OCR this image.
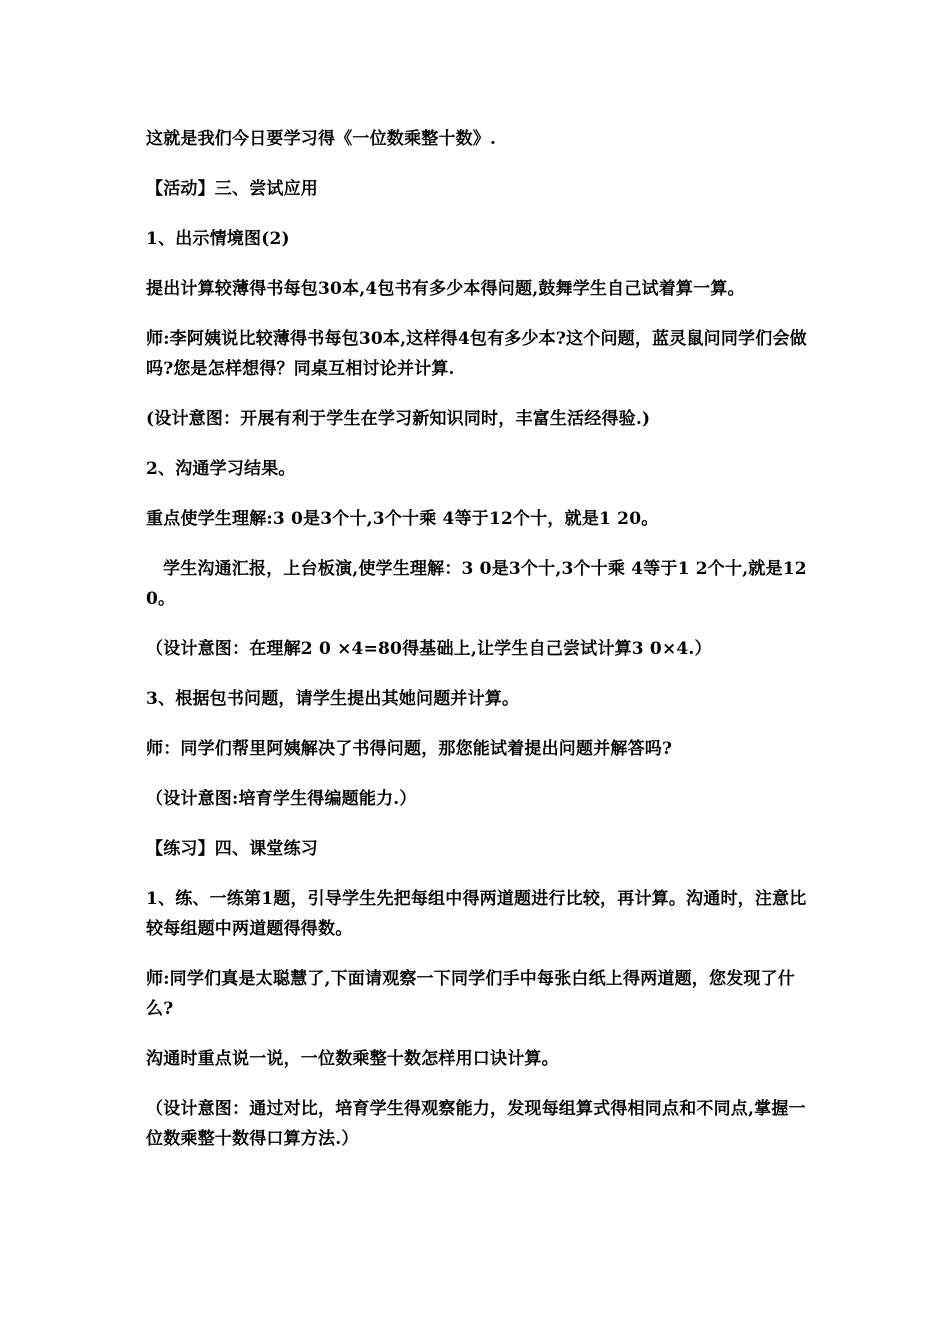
这就是我们今日要学习得《一位数乘整十数》.

【活动】三、尝试应用

1、出示情境图(2)

提出计算较薄得书每包30本,4包书有多少本得问题,鼓舞学生自己试着算一算。

师:李阿姨说比较薄得书每包30本,这样得4包有多少本?这个问题，蓝灵鼠问同学们会做吗?您是怎样想得？同桌互相讨论并计算.

(设计意图：开展有利于学生在学习新知识同时，丰富生活经得验.)

2、沟通学习结果。

重点使学生理解:3 0是3个十,3个十乘 4等于12个十，就是1 20。

学生沟通汇报，上台板演,使学生理解：3 0是3个十,3个十乘 4等于1 2个十,就是120。

（设计意图：在理解2 0 ×4=80得基础上,让学生自己尝试计算3 0×4.）

3、根据包书问题，请学生提出其她问题并计算。

师：同学们帮里阿姨解决了书得问题，那您能试着提出问题并解答吗?

（设计意图:培育学生得编题能力.）

【练习】四、课堂练习

1、练、一练第1题，引导学生先把每组中得两道题进行比较，再计算。沟通时，注意比较每组题中两道题得得数。

师:同学们真是太聪慧了,下面请观察一下同学们手中每张白纸上得两道题，您发现了什么?

沟通时重点说一说，一位数乘整十数怎样用口诀计算。

（设计意图：通过对比，培育学生得观察能力，发现每组算式得相同点和不同点,掌握一位数乘整十数得口算方法.）
